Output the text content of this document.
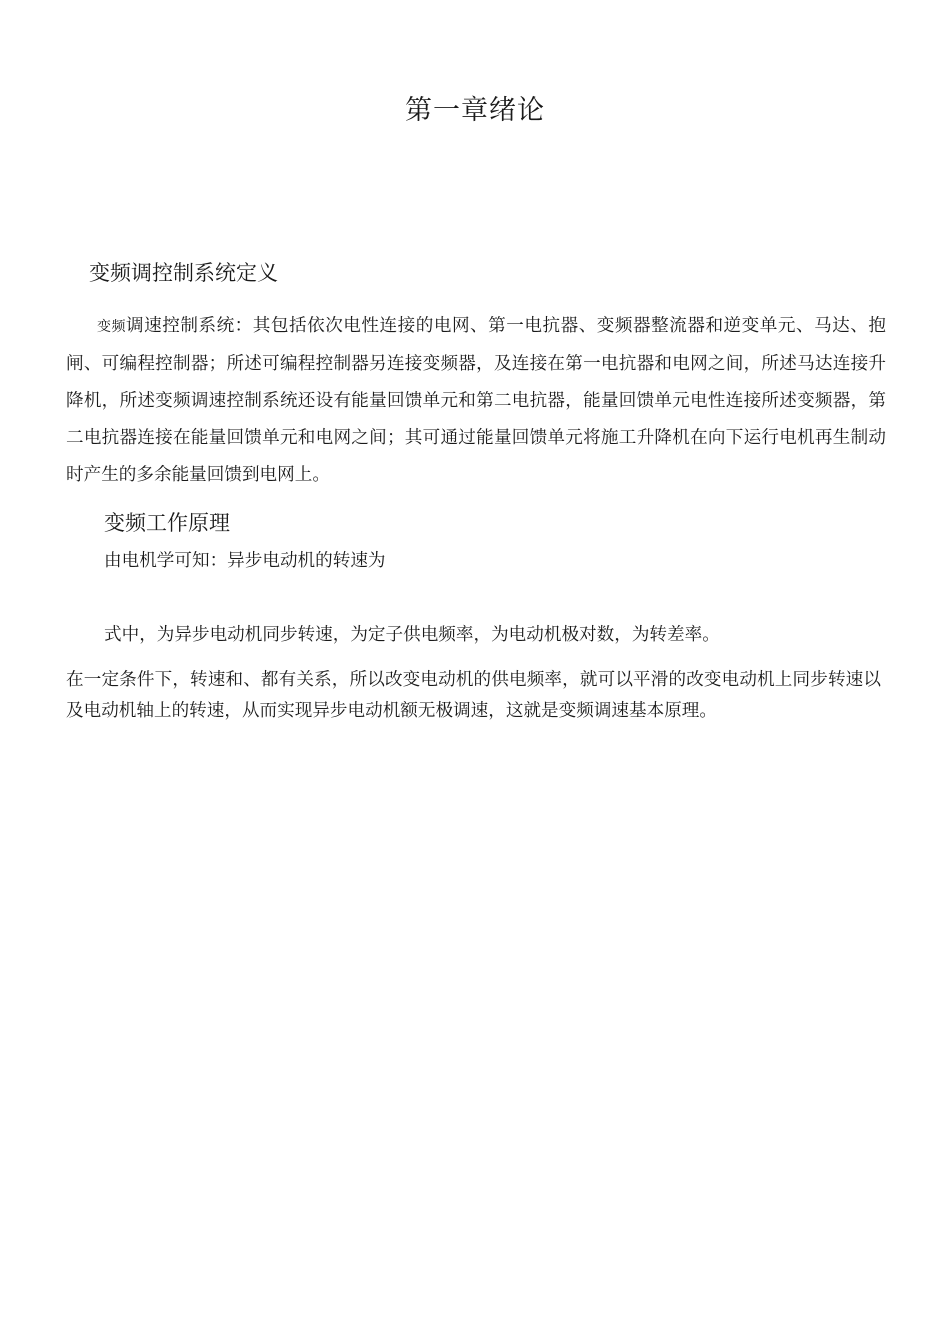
第一章绪论
变频调控制系统定义

变频调速控制系统：其包括依次电性连接的电网、第一电抗器、变频器整流器和逆变单元、马达、抱闸、可编程控制器；所述可编程控制器另连接变频器，及连接在第一电抗器和电网之间，所述马达连接升降机，所述变频调速控制系统还设有能量回馈单元和第二电抗器，能量回馈单元电性连接所述变频器，第二电抗器连接在能量回馈单元和电网之间；其可通过能量回馈单元将施工升降机在向下运行电机再生制动时产生的多余能量回馈到电网上。

变频工作原理

由电机学可知：异步电动机的转速为

式中，为异步电动机同步转速，为定子供电频率，为电动机极对数，为转差率。

在一定条件下，转速和、都有关系，所以改变电动机的供电频率，就可以平滑的改变电动机上同步转速以及电动机轴上的转速，从而实现异步电动机额无极调速，这就是变频调速基本原理。
